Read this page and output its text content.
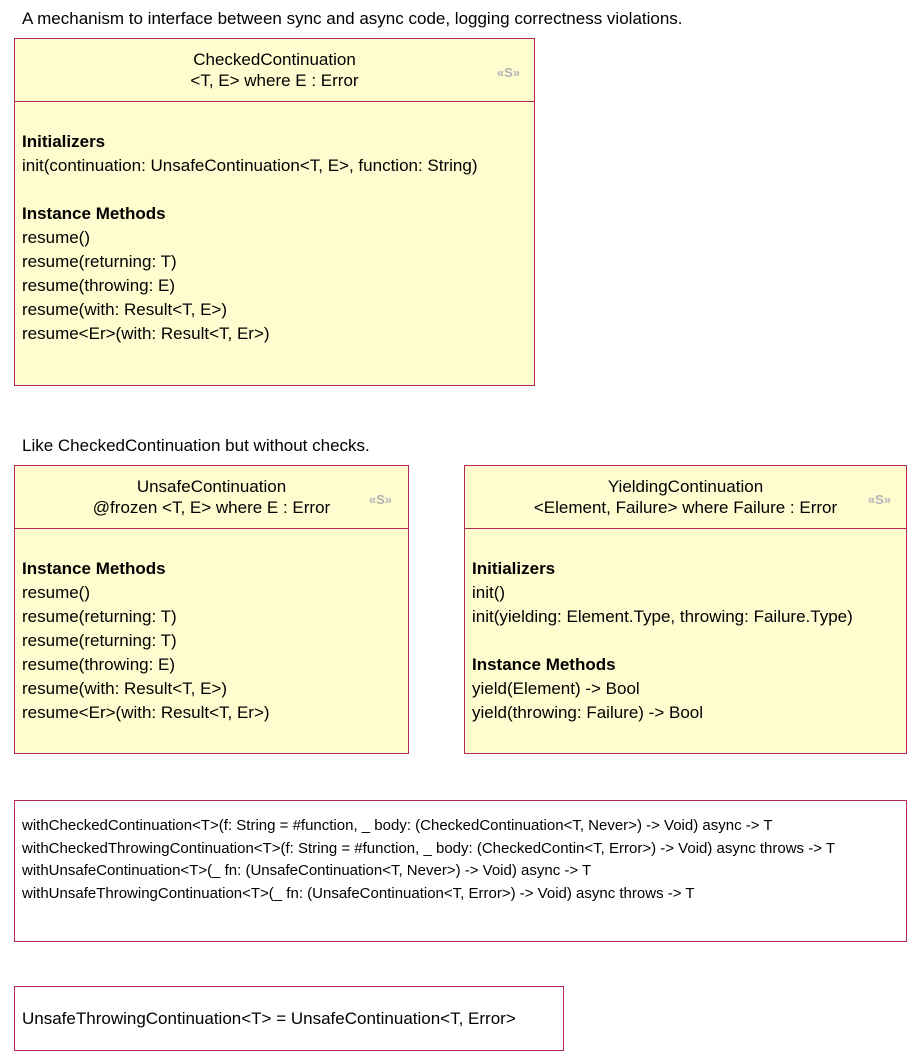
A mechanism to interface between sync and async code, logging correctness violations.
CheckedContinuation
<T, E> where E : Error	«S»
Initializers
init(continuation: UnsafeContinuation<T, E>, function: String)
Instance Methods
resume()
resume(returning: T)
resume(throwing: E)
resume(with: Result<T, E>)
resume<Er>(with: Result<T, Er>)
Like CheckedContinuation but without checks.
UnsafeContinuation
@frozen <T, E> where E : Error	«S»
Instance Methods
resume()
resume(returning: T)
resume(returning: T)
resume(throwing: E)
resume(with: Result<T, E>)
resume<Er>(with: Result<T, Er>)
YieldingContinuation
<Element, Failure> where Failure : Error	«S»
Initializers
init()
init(yielding: Element.Type, throwing: Failure.Type)
Instance Methods
yield(Element) -> Bool
yield(throwing: Failure) -> Bool
withCheckedContinuation<T>(f: String = #function, _ body: (CheckedContinuation<T, Never>) -> Void) async -> T
withCheckedThrowingContinuation<T>(f: String = #function, _ body: (CheckedContin<T, Error>) -> Void) async throws -> T
withUnsafeContinuation<T>(_ fn: (UnsafeContinuation<T, Never>) -> Void) async -> T
withUnsafeThrowingContinuation<T>(_ fn: (UnsafeContinuation<T, Error>) -> Void) async throws -> T
UnsafeThrowingContinuation<T> = UnsafeContinuation<T, Error>
